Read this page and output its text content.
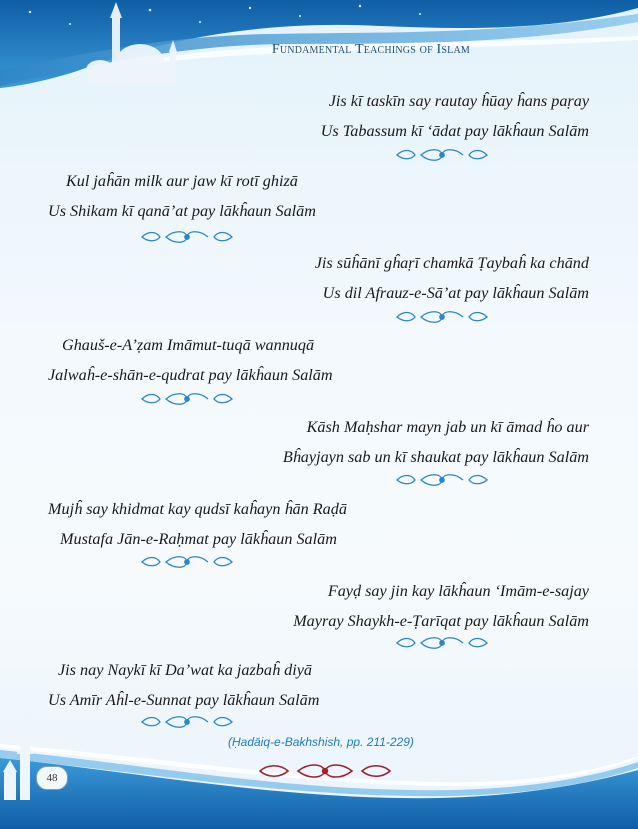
Fundamental Teachings of Islam
Jis kī taskīn say rautay ĥūay ĥans paṛay
Us Tabassum kī ‘ādat pay lākĥaun Salām
Kul jaĥān milk aur jaw kī rotī ghizā
Us Shikam kī qanā’at pay lākĥaun Salām
Jis sūĥānī gĥaṛī chamkā Ṭaybaĥ ka chānd
Us dil Afrauz-e-Sā’at pay lākĥaun Salām
Ghauš-e-A’ẓam Imāmut-tuqā wannuqā
Jalwaĥ-e-shān-e-qudrat pay lākĥaun Salām
Kāsh Maḥshar mayn jab un kī āmad ĥo aur
Bĥayjayn sab un kī shaukat pay lākĥaun Salām
Mujĥ say khidmat kay qudsī kaĥayn ĥān Raḍā
Mustafa Jān-e-Raḥmat pay lākĥaun Salām
Fayḍ say jin kay lākĥaun ‘Imām-e-sajay
Mayray Shaykh-e-Ṭarīqat pay lākĥaun Salām
Jis nay Naykī kī Da’wat ka jazbaĥ diyā
Us Amīr Aĥl-e-Sunnat pay lākĥaun Salām
(Ḥadāiq-e-Bakhshish, pp. 211-229)
48
